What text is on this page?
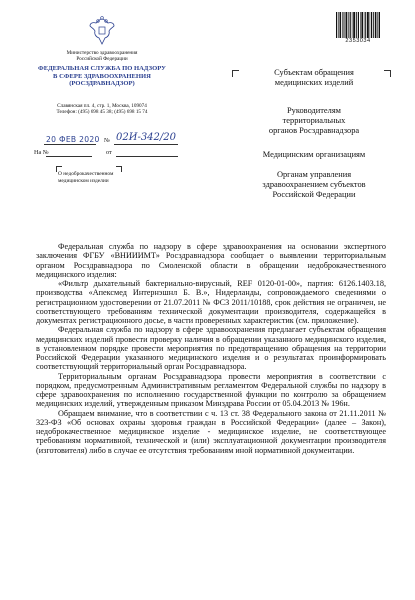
Министерство здравоохранения
Российской Федерации
ФЕДЕРАЛЬНАЯ СЛУЖБА ПО НАДЗОРУ
В СФЕРЕ ЗДРАВООХРАНЕНИЯ
(РОСЗДРАВНАДЗОР)
Славянская пл. 4, стр. 1, Москва, 109074
Телефон: (495) 698 45 38; (495) 698 15 74
20 ФЕВ 2020 № 02И-342/20
На №	от
О недоброкачественном
медицинском изделии
2353034
Субъектам обращения
медицинских изделий
Руководителям
территориальных
органов Росздравнадзора
Медицинским организациям
Органам управления
здравоохранением субъектов
Российской Федерации

Федеральная служба по надзору в сфере здравоохранения на основании экспертного заключения ФГБУ «ВНИИИМТ» Росздравнадзора сообщает о выявлении территориальным органом Росздравнадзора по Смоленской области в обращении недоброкачественного медицинского изделия:

«Фильтр дыхательный бактериально-вирусный, REF 0120-01-00», партия: 6126.1403.18, производства «Апексмед Интернэшнл Б. В.», Нидерланды, сопровождаемого сведениями о регистрационном удостоверении от 21.07.2011 № ФСЗ 2011/10188, срок действия не ограничен, не соответствующего требованиям технической документации производителя, содержащейся в документах регистрационного досье, в части проверенных характеристик (см. приложение).

Федеральная служба по надзору в сфере здравоохранения предлагает субъектам обращения медицинских изделий провести проверку наличия в обращении указанного медицинского изделия, в установленном порядке провести мероприятия по предотвращению обращения на территории Российской Федерации указанного медицинского изделия и о результатах проинформировать соответствующий территориальный орган Росздравнадзора.

Территориальным органам Росздравнадзора провести мероприятия в соответствии с порядком, предусмотренным Административным регламентом Федеральной службы по надзору в сфере здравоохранения по исполнению государственной функции по контролю за обращением медицинских изделий, утвержденным приказом Минздрава России от 05.04.2013 № 196н.

Обращаем внимание, что в соответствии с ч. 13 ст. 38 Федерального закона от 21.11.2011 № 323-ФЗ «Об основах охраны здоровья граждан в Российской Федерации» (далее – Закон), недоброкачественное медицинское изделие - медицинское изделие, не соответствующее требованиям нормативной, технической и (или) эксплуатационной документации производителя (изготовителя) либо в случае ее отсутствия требованиям иной нормативной документации.
